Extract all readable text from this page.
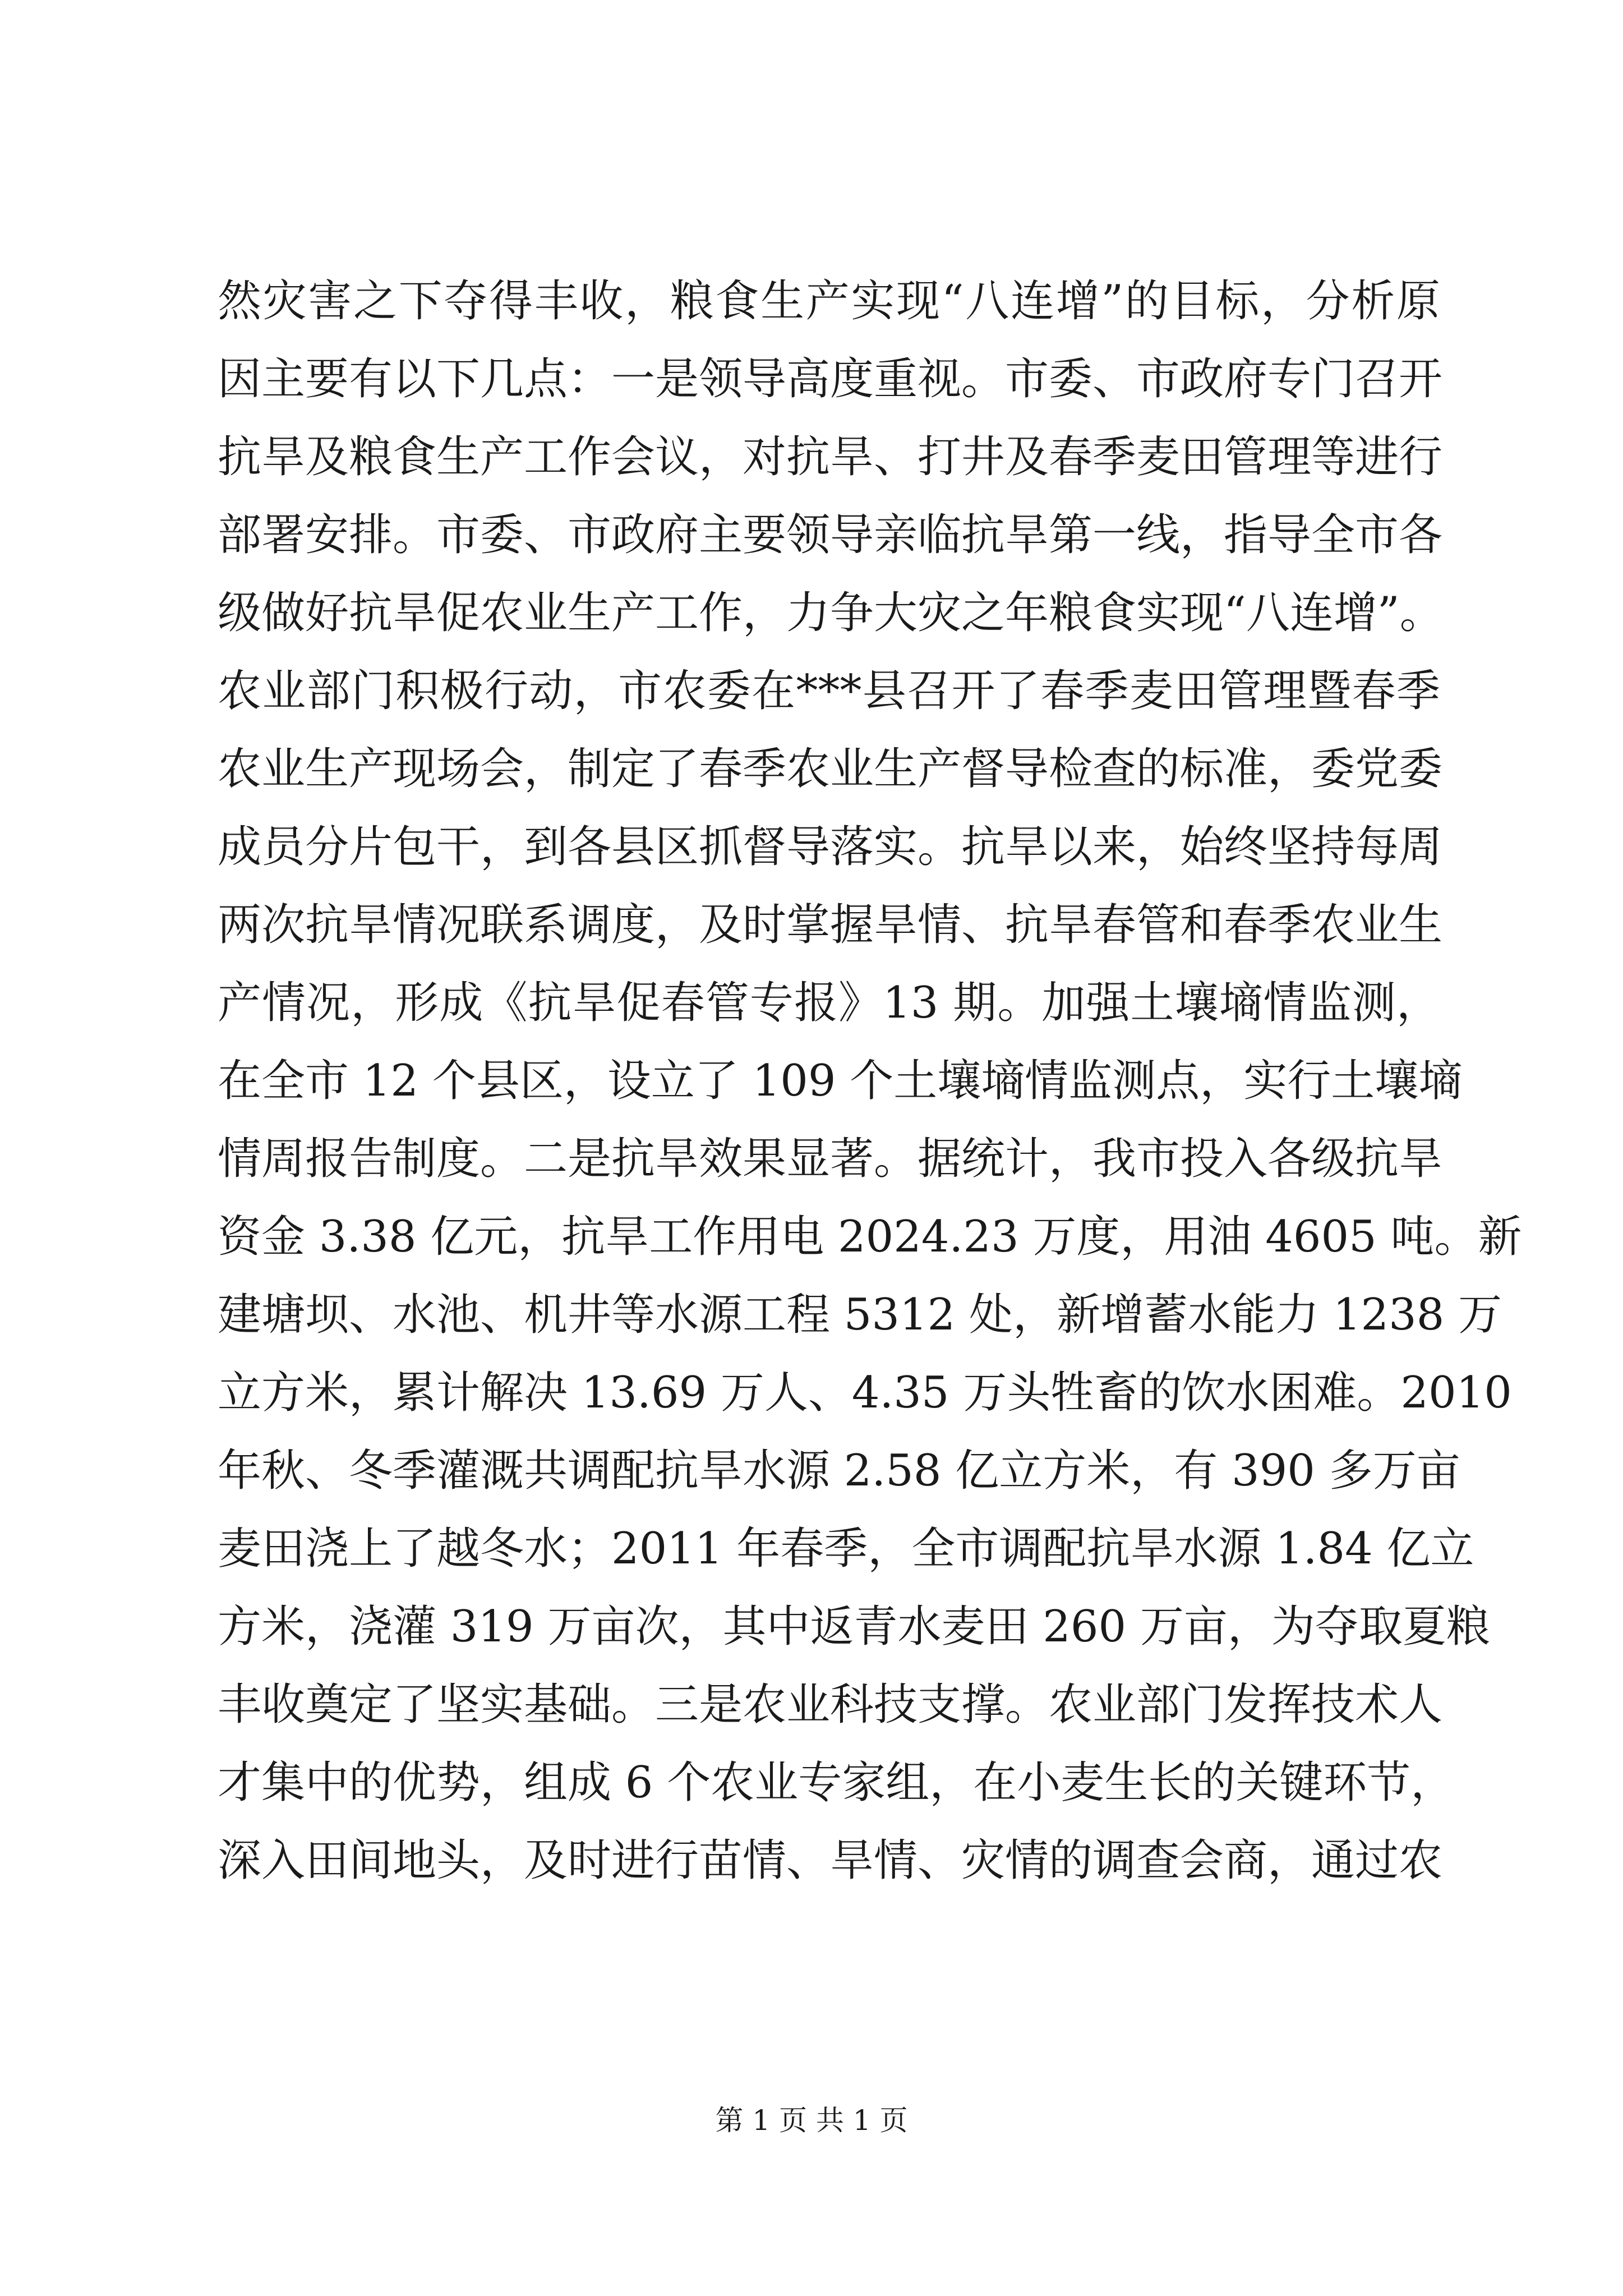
然灾害之下夺得丰收，粮食生产实现“八连增”的目标，分析原
因主要有以下几点：一是领导高度重视。市委、市政府专门召开
抗旱及粮食生产工作会议，对抗旱、打井及春季麦田管理等进行
部署安排。市委、市政府主要领导亲临抗旱第一线，指导全市各
级做好抗旱促农业生产工作，力争大灾之年粮食实现“八连增”。
农业部门积极行动，市农委在***县召开了春季麦田管理暨春季
农业生产现场会，制定了春季农业生产督导检查的标准，委党委
成员分片包干，到各县区抓督导落实。抗旱以来，始终坚持每周
两次抗旱情况联系调度，及时掌握旱情、抗旱春管和春季农业生
产情况，形成《抗旱促春管专报》13 期。加强土壤墒情监测，
在全市 12 个县区，设立了 109 个土壤墒情监测点，实行土壤墒
情周报告制度。二是抗旱效果显著。据统计，我市投入各级抗旱
资金 3.38 亿元，抗旱工作用电 2024.23 万度，用油 4605 吨。新
建塘坝、水池、机井等水源工程 5312 处，新增蓄水能力 1238 万
立方米，累计解决 13.69 万人、4.35 万头牲畜的饮水困难。2010
年秋、冬季灌溉共调配抗旱水源 2.58 亿立方米，有 390 多万亩
麦田浇上了越冬水；2011 年春季，全市调配抗旱水源 1.84 亿立
方米，浇灌 319 万亩次，其中返青水麦田 260 万亩，为夺取夏粮
丰收奠定了坚实基础。三是农业科技支撑。农业部门发挥技术人
才集中的优势，组成 6 个农业专家组，在小麦生长的关键环节，
深入田间地头，及时进行苗情、旱情、灾情的调查会商，通过农
第 1 页 共 1 页
